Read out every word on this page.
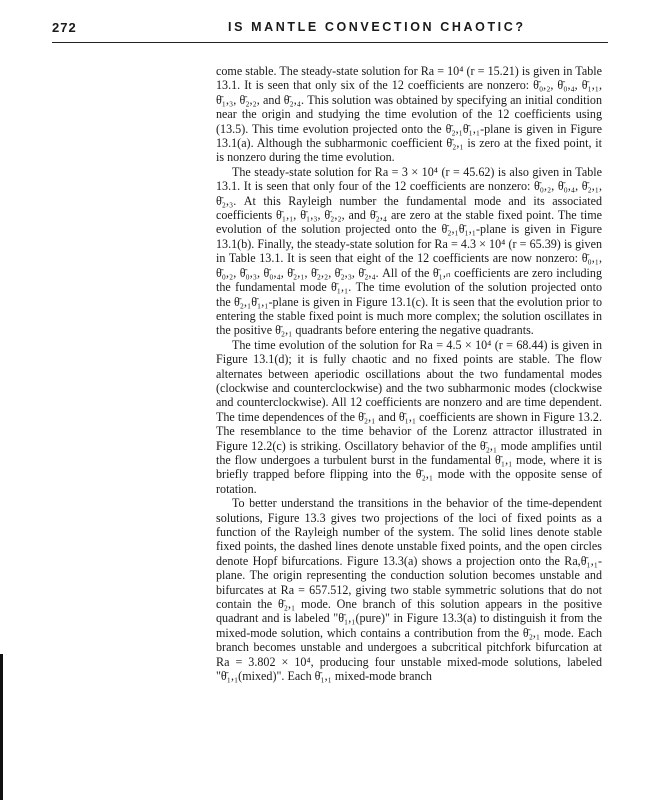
272	IS MANTLE CONVECTION CHAOTIC?

come stable. The steady-state solution for Ra = 10⁴ (r = 15.21) is given in Table 13.1. It is seen that only six of the 12 coefficients are nonzero: θ̄₀,₂, θ̄₀,₄, θ̄₁,₁, θ̄₁,₃, θ̄₂,₂, and θ̄₂,₄. This solution was obtained by specifying an initial condition near the origin and studying the time evolution of the 12 coefficients using (13.5). This time evolution projected onto the θ̄₂,₁θ̄₁,₁-plane is given in Figure 13.1(a). Although the subharmonic coefficient θ̄₂,₁ is zero at the fixed point, it is nonzero during the time evolution.

The steady-state solution for Ra = 3 × 10⁴ (r = 45.62) is also given in Table 13.1. It is seen that only four of the 12 coefficients are nonzero: θ̄₀,₂, θ̄₀,₄, θ̄₂,₁, θ̄₂,₃. At this Rayleigh number the fundamental mode and its associated coefficients θ̄₁,₁, θ̄₁,₃, θ̄₂,₂, and θ̄₂,₄ are zero at the stable fixed point. The time evolution of the solution projected onto the θ̄₂,₁θ̄₁,₁-plane is given in Figure 13.1(b). Finally, the steady-state solution for Ra = 4.3 × 10⁴ (r = 65.39) is given in Table 13.1. It is seen that eight of the 12 coefficients are now nonzero: θ̄₀,₁, θ̄₀,₂, θ̄₀,₃, θ̄₀,₄, θ̄₂,₁, θ̄₂,₂, θ̄₂,₃, θ̄₂,₄. All of the θ̄₁,ₙ coefficients are zero including the fundamental mode θ̄₁,₁. The time evolution of the solution projected onto the θ̄₂,₁θ̄₁,₁-plane is given in Figure 13.1(c). It is seen that the evolution prior to entering the stable fixed point is much more complex; the solution oscillates in the positive θ̄₂,₁ quadrants before entering the negative quadrants.

The time evolution of the solution for Ra = 4.5 × 10⁴ (r = 68.44) is given in Figure 13.1(d); it is fully chaotic and no fixed points are stable. The flow alternates between aperiodic oscillations about the two fundamental modes (clockwise and counterclockwise) and the two subharmonic modes (clockwise and counterclockwise). All 12 coefficients are nonzero and are time dependent. The time dependences of the θ̄₂,₁ and θ̄₁,₁ coefficients are shown in Figure 13.2. The resemblance to the time behavior of the Lorenz attractor illustrated in Figure 12.2(c) is striking. Oscillatory behavior of the θ̄₂,₁ mode amplifies until the flow undergoes a turbulent burst in the fundamental θ̄₁,₁ mode, where it is briefly trapped before flipping into the θ̄₂,₁ mode with the opposite sense of rotation.

To better understand the transitions in the behavior of the time-dependent solutions, Figure 13.3 gives two projections of the loci of fixed points as a function of the Rayleigh number of the system. The solid lines denote stable fixed points, the dashed lines denote unstable fixed points, and the open circles denote Hopf bifurcations. Figure 13.3(a) shows a projection onto the Ra,θ̄₁,₁-plane. The origin representing the conduction solution becomes unstable and bifurcates at Ra = 657.512, giving two stable symmetric solutions that do not contain the θ̄₂,₁ mode. One branch of this solution appears in the positive quadrant and is labeled "θ̄₁,₁(pure)" in Figure 13.3(a) to distinguish it from the mixed-mode solution, which contains a contribution from the θ̄₂,₁ mode. Each branch becomes unstable and undergoes a subcritical pitchfork bifurcation at Ra = 3.802 × 10⁴, producing four unstable mixed-mode solutions, labeled "θ̄₁,₁(mixed)". Each θ̄₁,₁ mixed-mode branch
